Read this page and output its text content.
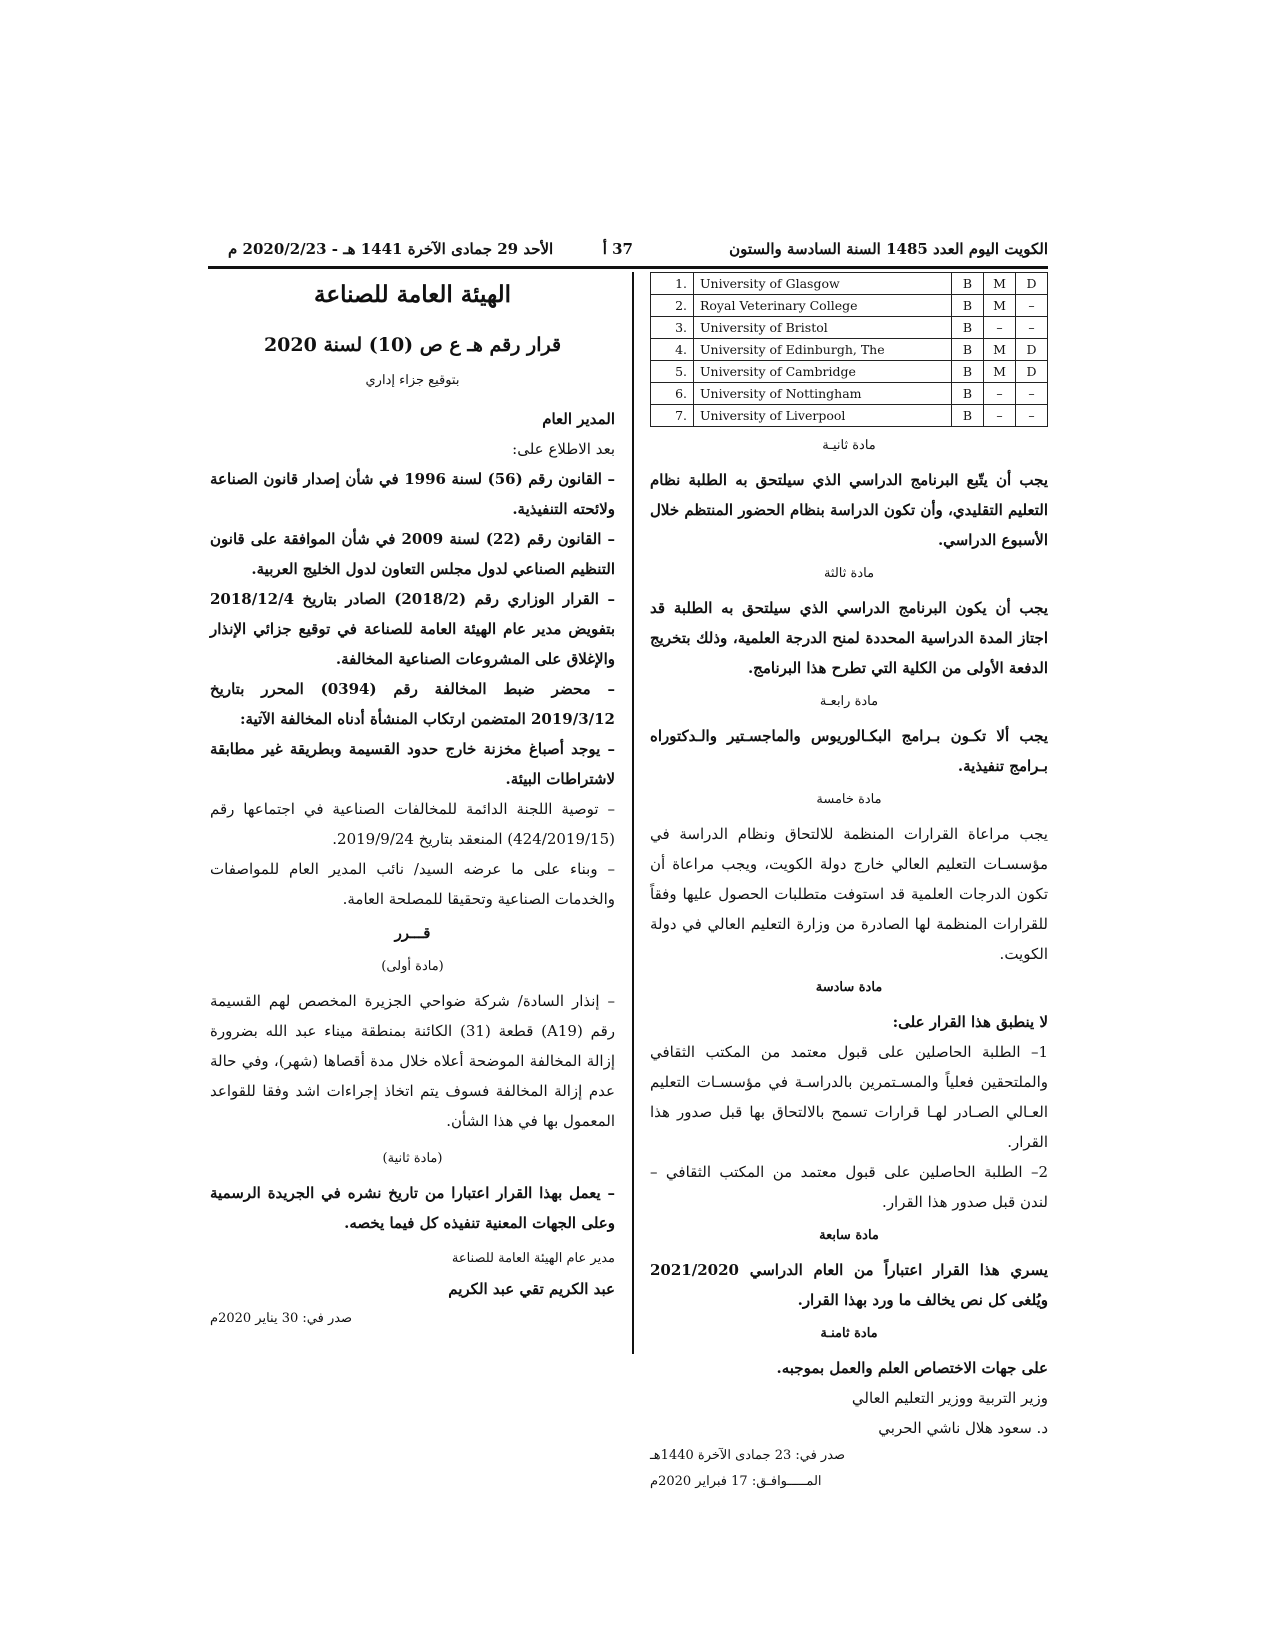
الكويت اليوم العدد 1485 السنة السادسة والستون
37 أ
الأحد 29 جمادى الآخرة 1441 هـ - 2020/2/23 م
1.	University of Glasgow	B	M	D
2.	Royal Veterinary College	B	M	–
3.	University of Bristol	B	–	–
4.	University of Edinburgh, The	B	M	D
5.	University of Cambridge	B	M	D
6.	University of Nottingham	B	–	–
7.	University of Liverpool	B	–	–

مادة ثانيـة

يجب أن يتّبع البرنامج الدراسي الذي سيلتحق به الطلبة نظام التعليم التقليدي، وأن تكون الدراسة بنظام الحضور المنتظم خلال الأسبوع الدراسي.

مادة ثالثة

يجب أن يكون البرنامج الدراسي الذي سيلتحق به الطلبة قد اجتاز المدة الدراسية المحددة لمنح الدرجة العلمية، وذلك بتخريج الدفعة الأولى من الكلية التي تطرح هذا البرنامج.

مادة رابعـة

يجب ألا تكـون بـرامج البكـالوريوس والماجسـتير والـدكتوراه بـرامج تنفيذية.

مادة خامسة

يجب مراعاة القرارات المنظمة للالتحاق ونظام الدراسة في مؤسسـات التعليم العالي خارج دولة الكويت، ويجب مراعاة أن تكون الدرجات العلمية قد استوفت متطلبات الحصول عليها وفقاً للقرارات المنظمة لها الصادرة من وزارة التعليم العالي في دولة الكويت.

مادة سادسة

لا ينطبق هذا القرار على:

1– الطلبة الحاصلين على قبول معتمد من المكتب الثقافي والملتحقين فعلياً والمسـتمرين بالدراسـة في مؤسسـات التعليم العـالي الصـادر لهـا قرارات تسمح بالالتحاق بها قبل صدور هذا القرار.

2– الطلبة الحاصلين على قبول معتمد من المكتب الثقافي – لندن قبل صدور هذا القرار.

مادة سابعة

يسري هذا القرار اعتباراً من العام الدراسي 2021/2020 ويُلغى كل نص يخالف ما ورد بهذا القرار.

مادة ثامنـة

على جهات الاختصاص العلم والعمل بموجبه.

وزير التربية ووزير التعليم العالي

د. سعود هلال ناشي الحربي

صدر في: 23 جمادى الآخرة 1440هـ

المـــــوافـق: 17 فبراير 2020م

الهيئة العامة للصناعة

قرار رقم هـ ع ص (10) لسنة 2020

بتوقيع جزاء إداري

المدير العام

بعد الاطلاع على:

– القانون رقم (56) لسنة 1996 في شأن إصدار قانون الصناعة ولائحته التنفيذية.

– القانون رقم (22) لسنة 2009 في شأن الموافقة على قانون التنظيم الصناعي لدول مجلس التعاون لدول الخليج العربية.

– القرار الوزاري رقم (2018/2) الصادر بتاريخ 2018/12/4 بتفويض مدير عام الهيئة العامة للصناعة في توقيع جزائي الإنذار والإغلاق على المشروعات الصناعية المخالفة.

– محضر ضبط المخالفة رقم (0394) المحرر بتاريخ 2019/3/12 المتضمن ارتكاب المنشأة أدناه المخالفة الآتية:

– يوجد أصباغ مخزنة خارج حدود القسيمة وبطريقة غير مطابقة لاشتراطات البيئة.

– توصية اللجنة الدائمة للمخالفات الصناعية في اجتماعها رقم (424/2019/15) المنعقد بتاريخ 2019/9/24.

– وبناء على ما عرضه السيد/ نائب المدير العام للمواصفات والخدمات الصناعية وتحقيقا للمصلحة العامة.

قـــرر

(مادة أولى)

– إنذار السادة/ شركة ضواحي الجزيرة المخصص لهم القسيمة رقم (A19) قطعة (31) الكائنة بمنطقة ميناء عبد الله بضرورة إزالة المخالفة الموضحة أعلاه خلال مدة أقصاها (شهر)، وفي حالة عدم إزالة المخالفة فسوف يتم اتخاذ إجراءات اشد وفقا للقواعد المعمول بها في هذا الشأن.

(مادة ثانية)

– يعمل بهذا القرار اعتبارا من تاريخ نشره في الجريدة الرسمية وعلى الجهات المعنية تنفيذه كل فيما يخصه.

مدير عام الهيئة العامة للصناعة

عبد الكريم تقي عبد الكريم

صدر في: 30 يناير 2020م
